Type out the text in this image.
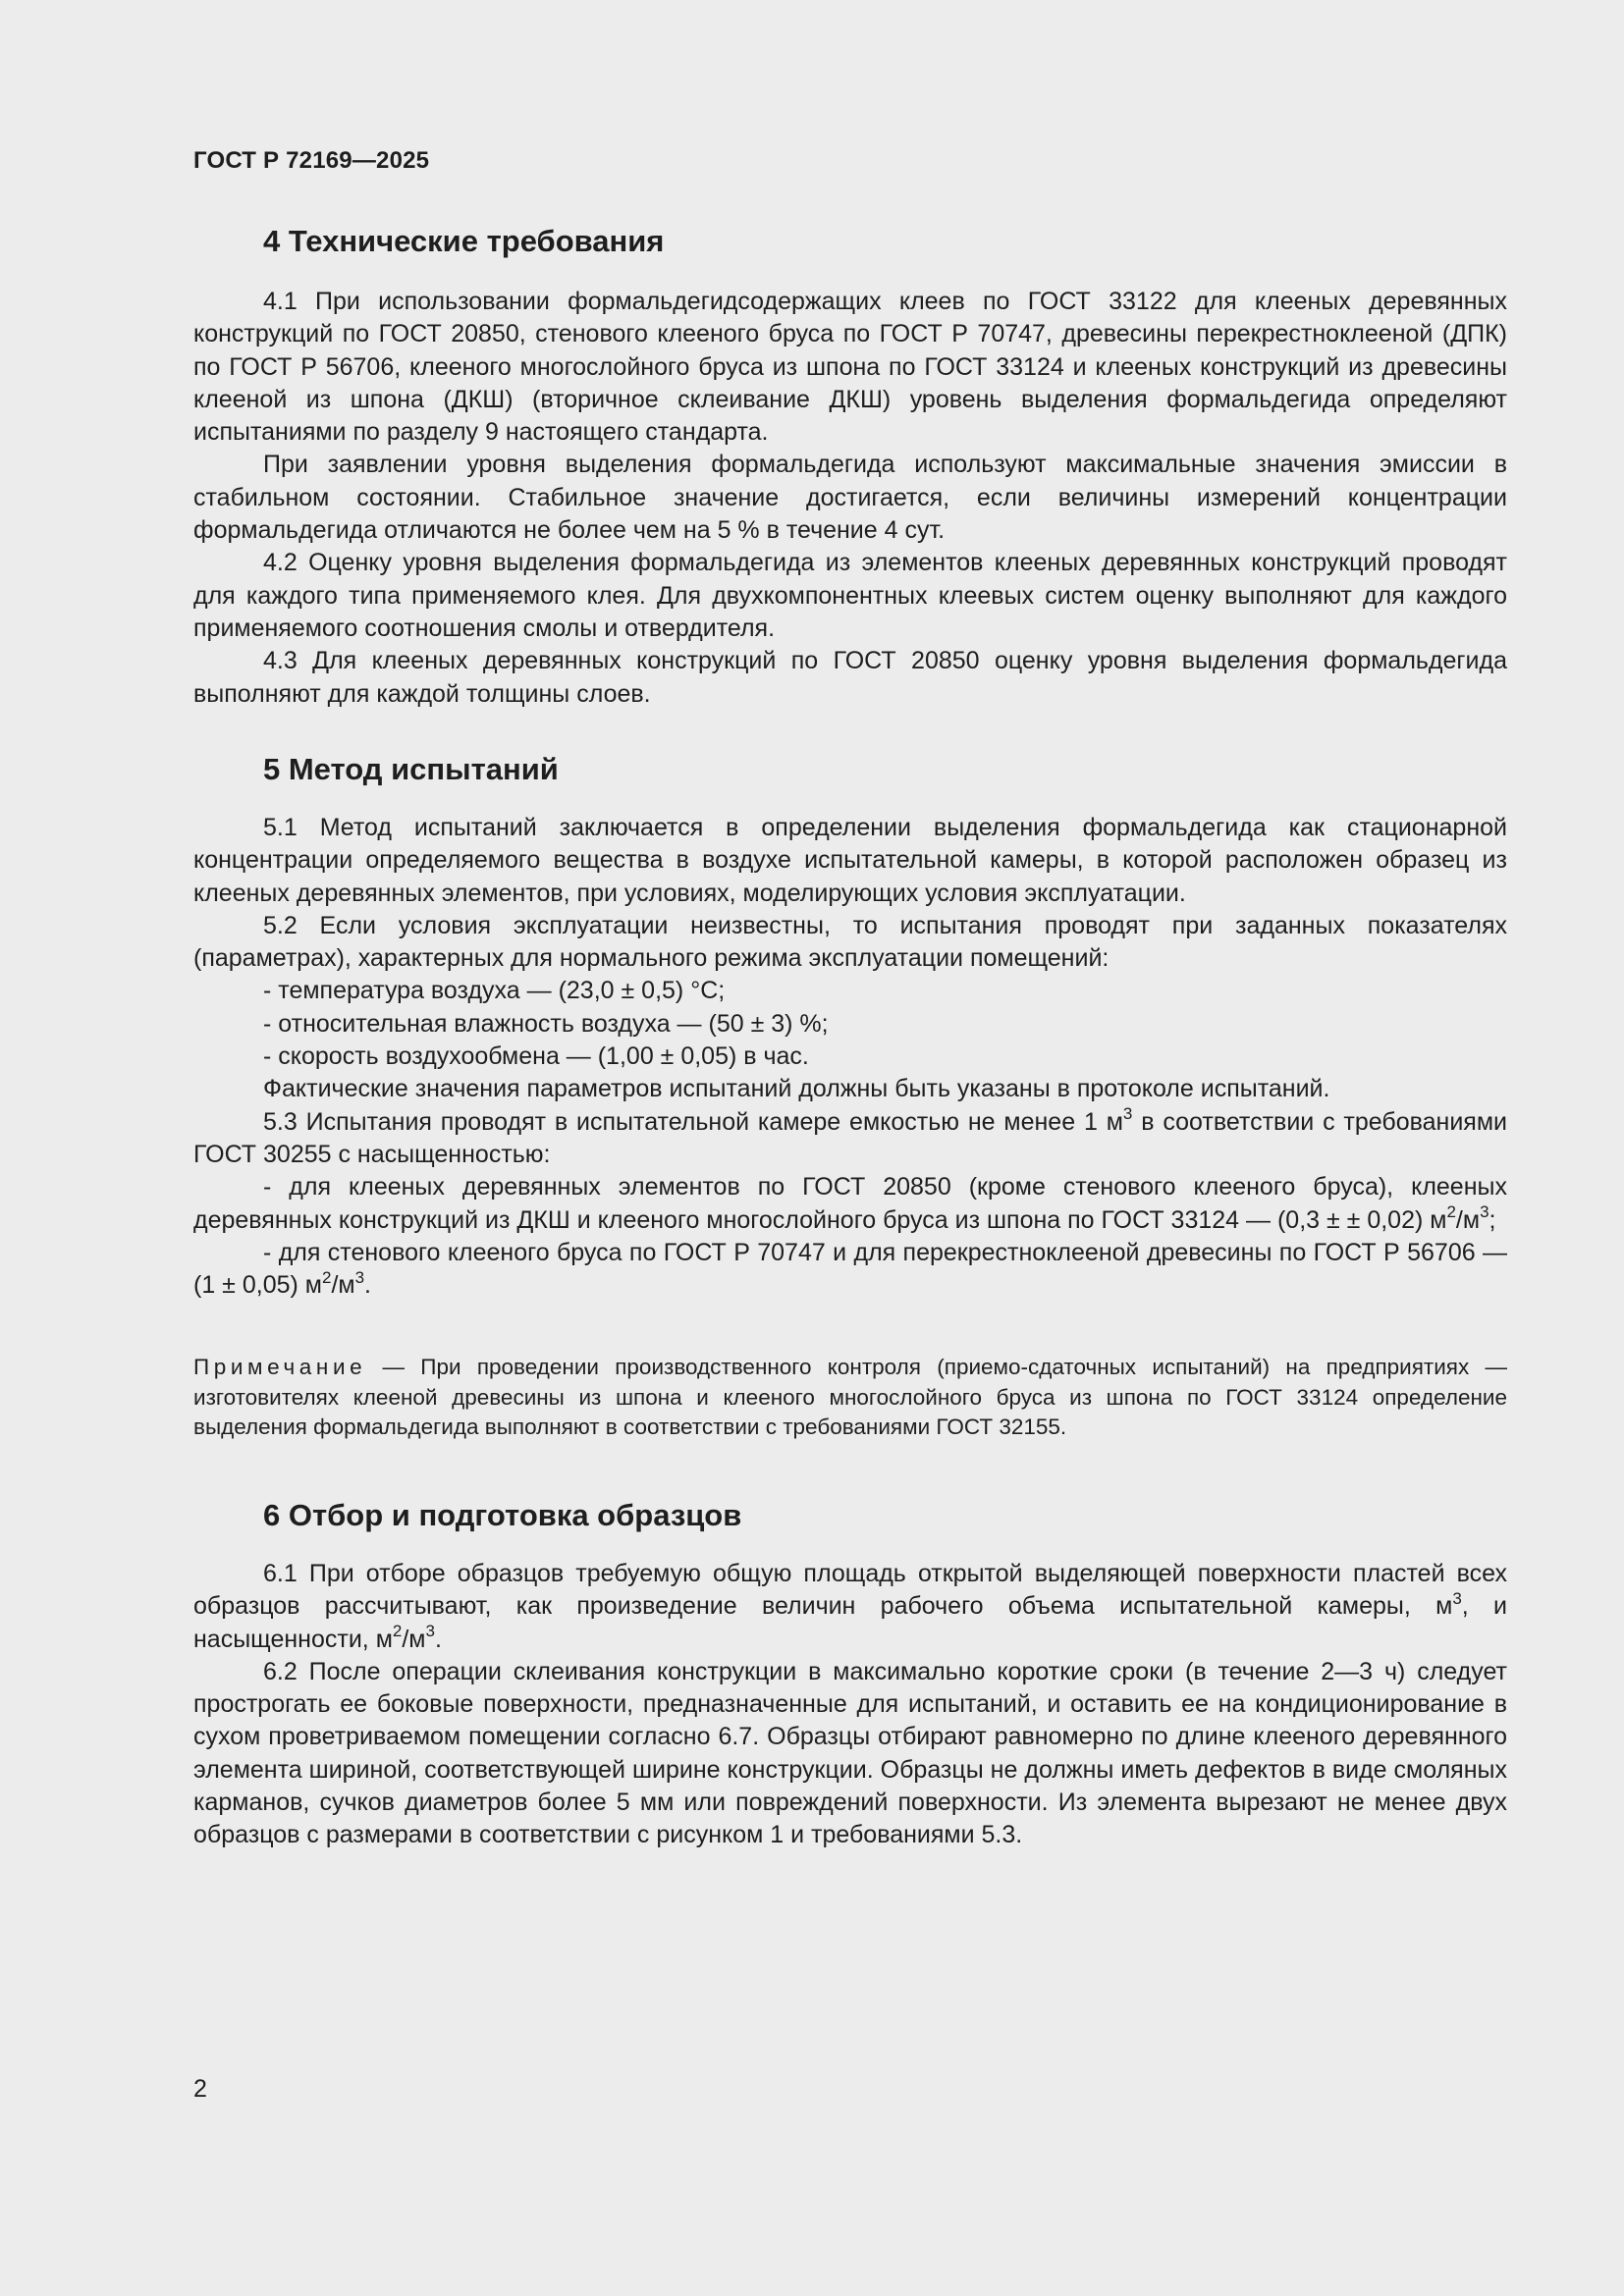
ГОСТ Р 72169—2025
4 Технические требования

4.1 При использовании формальдегидсодержащих клеев по ГОСТ 33122 для клееных деревянных конструкций по ГОСТ 20850, стенового клееного бруса по ГОСТ Р 70747, древесины перекрестноклееной (ДПК) по ГОСТ Р 56706, клееного многослойного бруса из шпона по ГОСТ 33124 и клееных конструкций из древесины клееной из шпона (ДКШ) (вторичное склеивание ДКШ) уровень выделения формальдегида определяют испытаниями по разделу 9 настоящего стандарта.

При заявлении уровня выделения формальдегида используют максимальные значения эмиссии в стабильном состоянии. Стабильное значение достигается, если величины измерений концентрации формальдегида отличаются не более чем на 5 % в течение 4 сут.

4.2 Оценку уровня выделения формальдегида из элементов клееных деревянных конструкций проводят для каждого типа применяемого клея. Для двухкомпонентных клеевых систем оценку выполняют для каждого применяемого соотношения смолы и отвердителя.

4.3 Для клееных деревянных конструкций по ГОСТ 20850 оценку уровня выделения формальдегида выполняют для каждой толщины слоев.

5 Метод испытаний

5.1 Метод испытаний заключается в определении выделения формальдегида как стационарной концентрации определяемого вещества в воздухе испытательной камеры, в которой расположен образец из клееных деревянных элементов, при условиях, моделирующих условия эксплуатации.

5.2 Если условия эксплуатации неизвестны, то испытания проводят при заданных показателях (параметрах), характерных для нормального режима эксплуатации помещений:

- температура воздуха — (23,0 ± 0,5) °С;

- относительная влажность воздуха — (50 ± 3) %;

- скорость воздухообмена — (1,00 ± 0,05) в час.

Фактические значения параметров испытаний должны быть указаны в протоколе испытаний.

5.3 Испытания проводят в испытательной камере емкостью не менее 1 $м^3$ в соответствии с требованиями ГОСТ 30255 с насыщенностью:

- для клееных деревянных элементов по ГОСТ 20850 (кроме стенового клееного бруса), клееных деревянных конструкций из ДКШ и клееного многослойного бруса из шпона по ГОСТ 33124 — (0,3 ± ± 0,02) $м^2/м^3$;

- для стенового клееного бруса по ГОСТ Р 70747 и для перекрестноклееной древесины по ГОСТ Р 56706 — (1 ± 0,05) $м^2/м^3$.

Примечание — При проведении производственного контроля (приемо-сдаточных испытаний) на предприятиях — изготовителях клееной древесины из шпона и клееного многослойного бруса из шпона по ГОСТ 33124 определение выделения формальдегида выполняют в соответствии с требованиями ГОСТ 32155.

6 Отбор и подготовка образцов

6.1 При отборе образцов требуемую общую площадь открытой выделяющей поверхности пластей всех образцов рассчитывают, как произведение величин рабочего объема испытательной камеры, $м^3$, и насыщенности, $м^2/м^3$.

6.2 После операции склеивания конструкции в максимально короткие сроки (в течение 2—3 ч) следует прострогать ее боковые поверхности, предназначенные для испытаний, и оставить ее на кондиционирование в сухом проветриваемом помещении согласно 6.7. Образцы отбирают равномерно по длине клееного деревянного элемента шириной, соответствующей ширине конструкции. Образцы не должны иметь дефектов в виде смоляных карманов, сучков диаметров более 5 мм или повреждений поверхности. Из элемента вырезают не менее двух образцов с размерами в соответствии с рисунком 1 и требованиями 5.3.

2
